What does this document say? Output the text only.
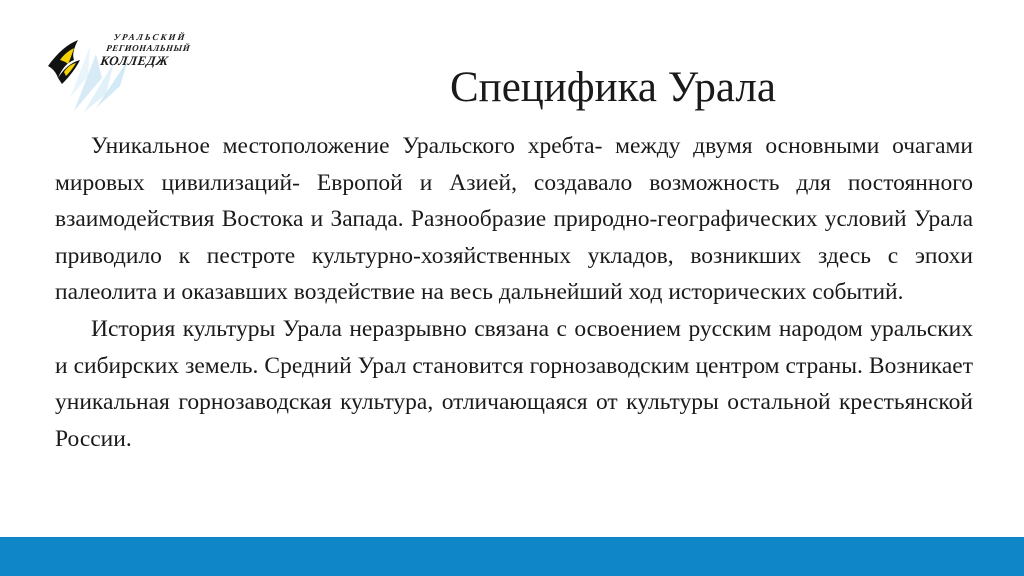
УРАЛЬСКИЙ
РЕГИОНАЛЬНЫЙ
КОЛЛЕДЖ
Специфика Урала

Уникальное местоположение Уральского хребта- между двумя основными очагами мировых цивилизаций- Европой и Азией, создавало возможность для постоянного взаимодействия Востока и Запада. Разнообразие природно-географических условий Урала приводило к пестроте культурно-хозяйственных укладов, возникших здесь с эпохи палеолита и оказавших воздействие на весь дальнейший ход исторических событий.

История культуры Урала неразрывно связана с освоением русским народом уральских и сибирских земель. Средний Урал становится горнозаводским центром страны. Возникает уникальная горнозаводская культура, отличающаяся от культуры остальной крестьянской России.
